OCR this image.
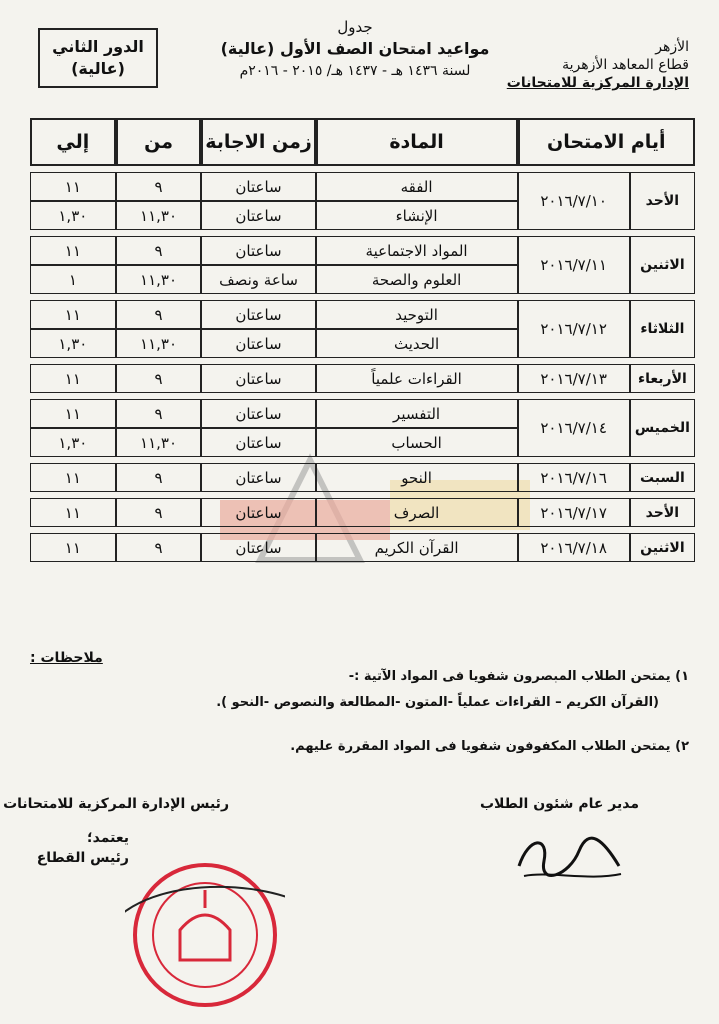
الأزهر
قطاع المعاهد الأزهرية
الإدارة المركزية للامتحانات
جدول
مواعيد امتحان الصف الأول (عالية)
لسنة ١٤٣٦ هـ - ١٤٣٧ هـ/ ٢٠١٥ - ٢٠١٦م
الدور الثاني
(عالية)
أيام الامتحان		المادة	زمن الاجابة	من	إلي

الأحد	٢٠١٦/٧/١٠	الفقه	ساعتان	٩	١١
		الإنشاء	ساعتان	١١,٣٠	١,٣٠

الاثنين	٢٠١٦/٧/١١	المواد الاجتماعية	ساعتان	٩	١١
		العلوم والصحة	ساعة ونصف	١١,٣٠	١

الثلاثاء	٢٠١٦/٧/١٢	التوحيد	ساعتان	٩	١١
		الحديث	ساعتان	١١,٣٠	١,٣٠

الأربعاء	٢٠١٦/٧/١٣	القراءات علمياً	ساعتان	٩	١١

الخميس	٢٠١٦/٧/١٤	التفسير	ساعتان	٩	١١
		الحساب	ساعتان	١١,٣٠	١,٣٠

السبت	٢٠١٦/٧/١٦	النحو	ساعتان	٩	١١

الأحد	٢٠١٦/٧/١٧	الصرف	ساعتان	٩	١١

الاثنين	٢٠١٦/٧/١٨	القرآن الكريم	ساعتان	٩	١١
ملاحظات :
١) يمتحن الطلاب المبصرون شفويا فى المواد الآتية :-
(القرآن الكريم – القراءات عملياً -المتون -المطالعة والنصوص -النحو ).
٢) يمتحن الطلاب المكفوفون شفويا فى المواد المقررة عليهم.
رئيس الإدارة المركزية للامتحانات	مدير عام شئون الطلاب
يعتمد؛
رئيس القطاع
